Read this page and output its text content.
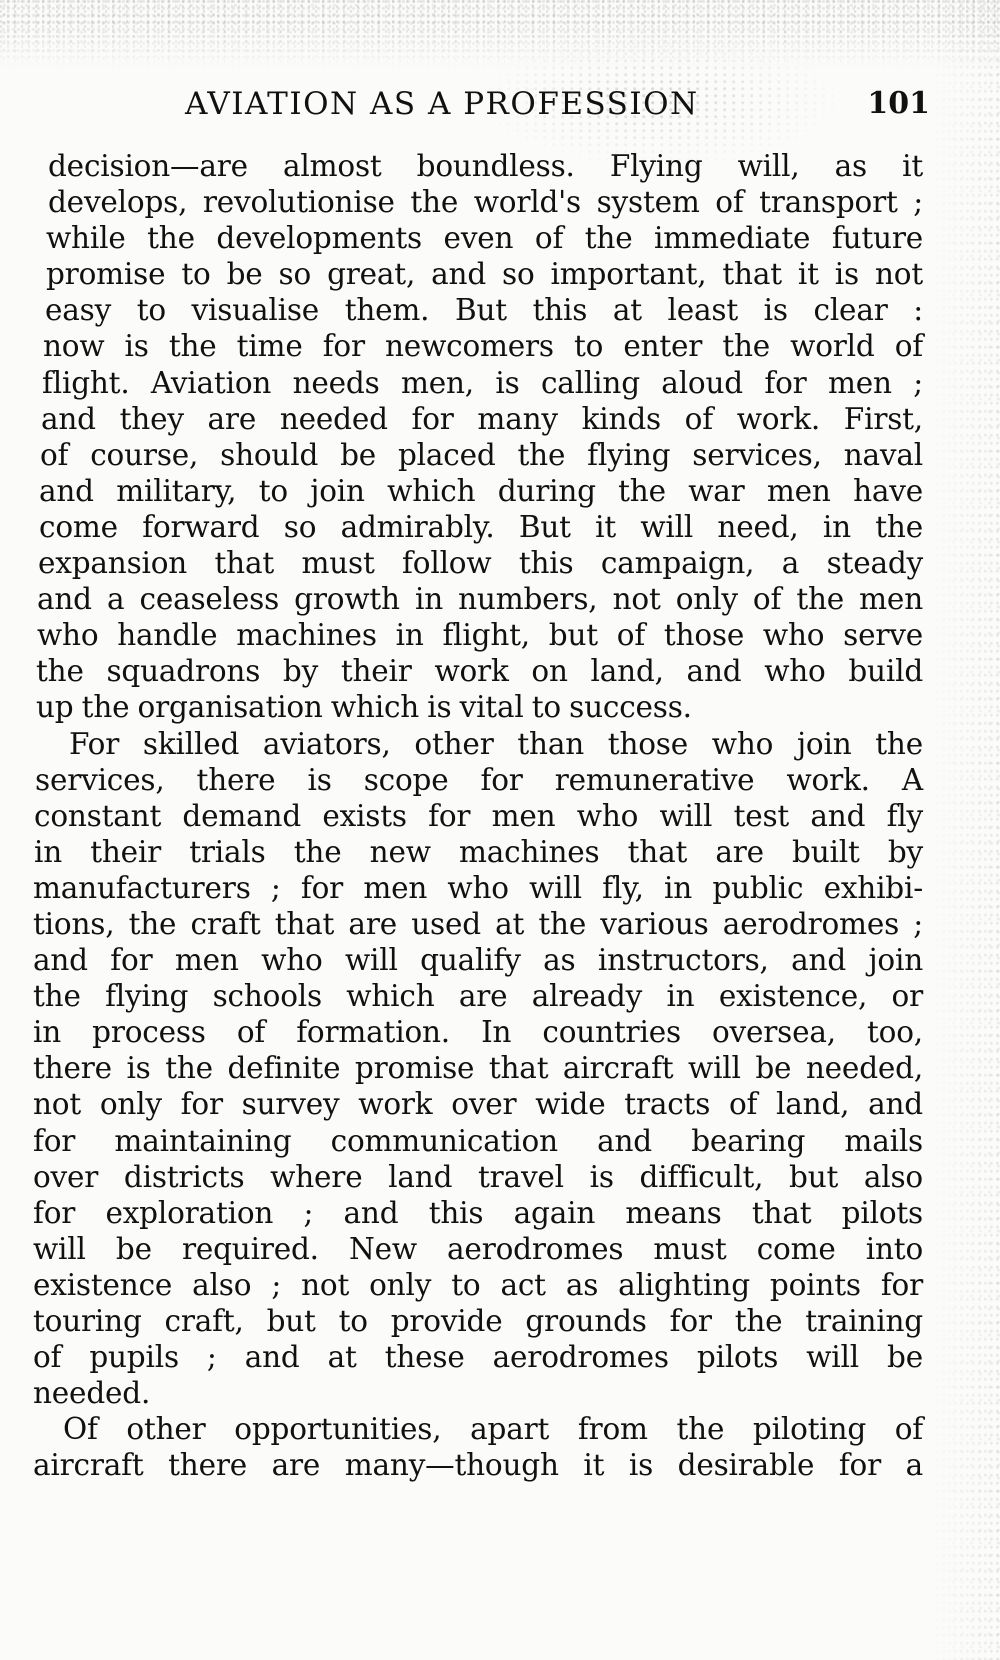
AVIATION AS A PROFESSION	101
decision—are almost boundless. Flying will, as it
develops, revolutionise the world's system of transport ;
while the developments even of the immediate future
promise to be so great, and so important, that it is not
easy to visualise them. But this at least is clear :
now is the time for newcomers to enter the world of
flight. Aviation needs men, is calling aloud for men ;
and they are needed for many kinds of work. First,
of course, should be placed the flying services, naval
and military, to join which during the war men have
come forward so admirably. But it will need, in the
expansion that must follow this campaign, a steady
and a ceaseless growth in numbers, not only of the men
who handle machines in flight, but of those who serve
the squadrons by their work on land, and who build
up the organisation which is vital to success.
For skilled aviators, other than those who join the
services, there is scope for remunerative work. A
constant demand exists for men who will test and fly
in their trials the new machines that are built by
manufacturers ; for men who will fly, in public exhibi-
tions, the craft that are used at the various aerodromes ;
and for men who will qualify as instructors, and join
the flying schools which are already in existence, or
in process of formation. In countries oversea, too,
there is the definite promise that aircraft will be needed,
not only for survey work over wide tracts of land, and
for maintaining communication and bearing mails
over districts where land travel is difficult, but also
for exploration ; and this again means that pilots
will be required. New aerodromes must come into
existence also ; not only to act as alighting points for
touring craft, but to provide grounds for the training
of pupils ; and at these aerodromes pilots will be
needed.
Of other opportunities, apart from the piloting of
aircraft there are many—though it is desirable for a
